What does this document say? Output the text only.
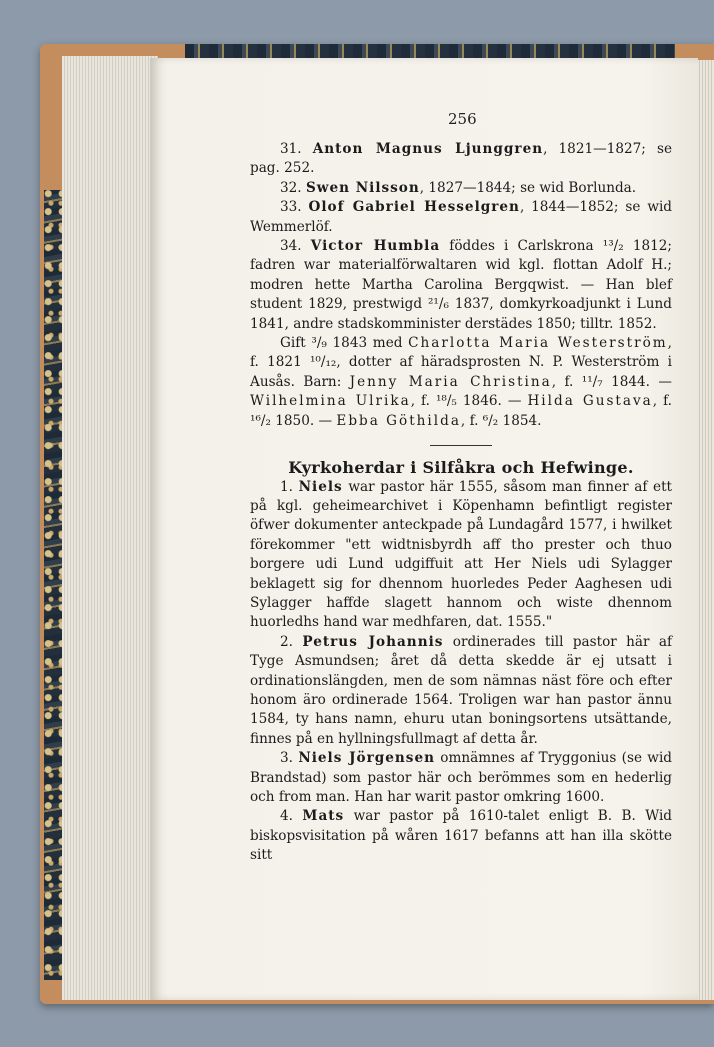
256

31. Anton Magnus Ljunggren, 1821—1827; se pag. 252.

32. Swen Nilsson, 1827—1844; se wid Borlunda.

33. Olof Gabriel Hesselgren, 1844—1852; se wid Wemmerlöf.

34. Victor Humbla föddes i Carlskrona ¹³/₂ 1812; fadren war materialförwaltaren wid kgl. flottan Adolf H.; modren hette Martha Carolina Bergqwist. — Han blef student 1829, prestwigd ²¹/₆ 1837, domkyrkoadjunkt i Lund 1841, andre stadskomminister derstädes 1850; tilltr. 1852.

Gift ³/₉ 1843 med Charlotta Maria Westerström, f. 1821 ¹⁰/₁₂, dotter af häradsprosten N. P. Westerström i Ausås. Barn: Jenny Maria Christina, f. ¹¹/₇ 1844. — Wilhelmina Ulrika, f. ¹⁸/₅ 1846. — Hilda Gustava, f. ¹⁶/₂ 1850. — Ebba Göthilda, f. ⁶/₂ 1854.

Kyrkoherdar i Silfåkra och Hefwinge.

1. Niels war pastor här 1555, såsom man finner af ett på kgl. geheimearchivet i Köpenhamn befintligt register öfwer dokumenter anteckpade på Lundagård 1577, i hwilket förekommer "ett widtnisbyrdh aff tho prester och thuo borgere udi Lund udgiffuit att Her Niels udi Sylagger beklagett sig for dhennom huorledes Peder Aaghesen udi Sylagger haffde slagett hannom och wiste dhennom huorledhs hand war medhfaren, dat. 1555."

2. Petrus Johannis ordinerades till pastor här af Tyge Asmundsen; året då detta skedde är ej utsatt i ordinationslängden, men de som nämnas näst före och efter honom äro ordinerade 1564. Troligen war han pastor ännu 1584, ty hans namn, ehuru utan boningsortens utsättande, finnes på en hyllningsfullmagt af detta år.

3. Niels Jörgensen omnämnes af Tryggonius (se wid Brandstad) som pastor här och berömmes som en hederlig och from man. Han har warit pastor omkring 1600.

4. Mats war pastor på 1610-talet enligt B. B. Wid biskopsvisitation på wåren 1617 befanns att han illa skötte sitt
